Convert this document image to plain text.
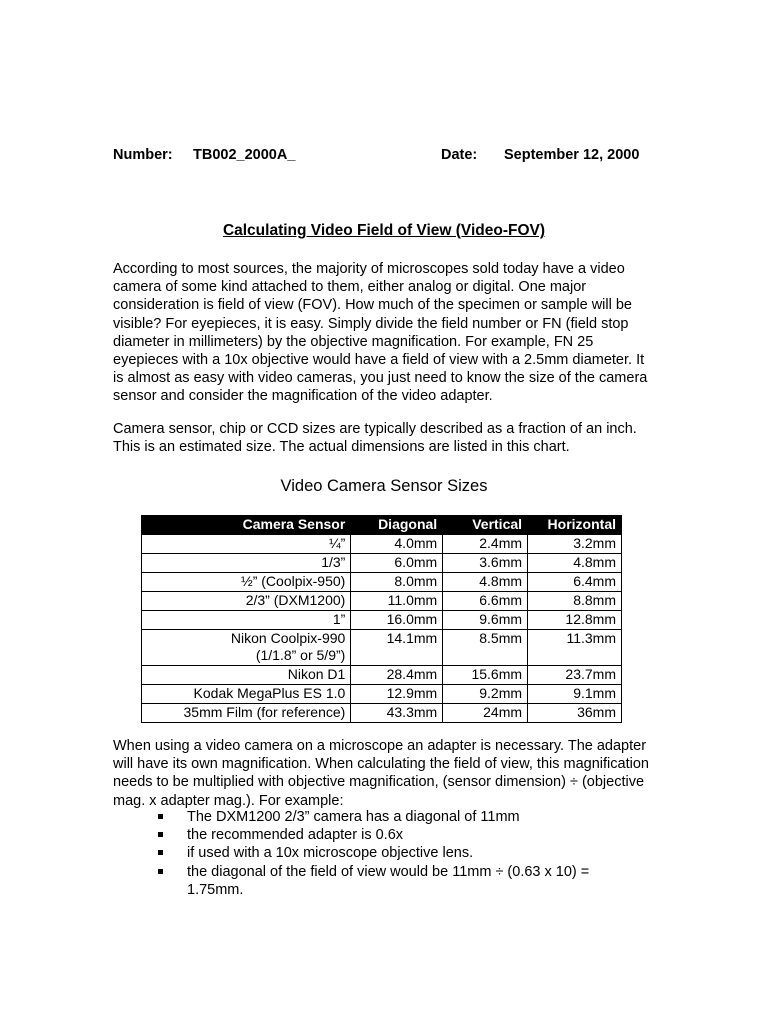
Number: TB002_2000A_	Date: September 12, 2000
Calculating Video Field of View (Video-FOV)

According to most sources, the majority of microscopes sold today have a video camera of some kind attached to them, either analog or digital. One major consideration is field of view (FOV). How much of the specimen or sample will be visible? For eyepieces, it is easy. Simply divide the field number or FN (field stop diameter in millimeters) by the objective magnification. For example, FN 25 eyepieces with a 10x objective would have a field of view with a 2.5mm diameter. It is almost as easy with video cameras, you just need to know the size of the camera sensor and consider the magnification of the video adapter.

Camera sensor, chip or CCD sizes are typically described as a fraction of an inch. This is an estimated size. The actual dimensions are listed in this chart.

Video Camera Sensor Sizes
Camera Sensor	Diagonal	Vertical	Horizontal
¼”	4.0mm	2.4mm	3.2mm
1/3”	6.0mm	3.6mm	4.8mm
½” (Coolpix-950)	8.0mm	4.8mm	6.4mm
2/3” (DXM1200)	11.0mm	6.6mm	8.8mm
1”	16.0mm	9.6mm	12.8mm

Nikon Coolpix-990
(1/1.8” or 5/9”)	14.1mm	8.5mm	11.3mm
Nikon D1	28.4mm	15.6mm	23.7mm
Kodak MegaPlus ES 1.0	12.9mm	9.2mm	9.1mm
35mm Film (for reference)	43.3mm	24mm	36mm

When using a video camera on a microscope an adapter is necessary. The adapter will have its own magnification. When calculating the field of view, this magnification needs to be multiplied with objective magnification, (sensor dimension) ÷ (objective mag. x adapter mag.). For example:

The DXM1200 2/3” camera has a diagonal of 11mm
the recommended adapter is 0.6x
if used with a 10x microscope objective lens.
the diagonal of the field of view would be 11mm ÷ (0.63 x 10) = 1.75mm.
